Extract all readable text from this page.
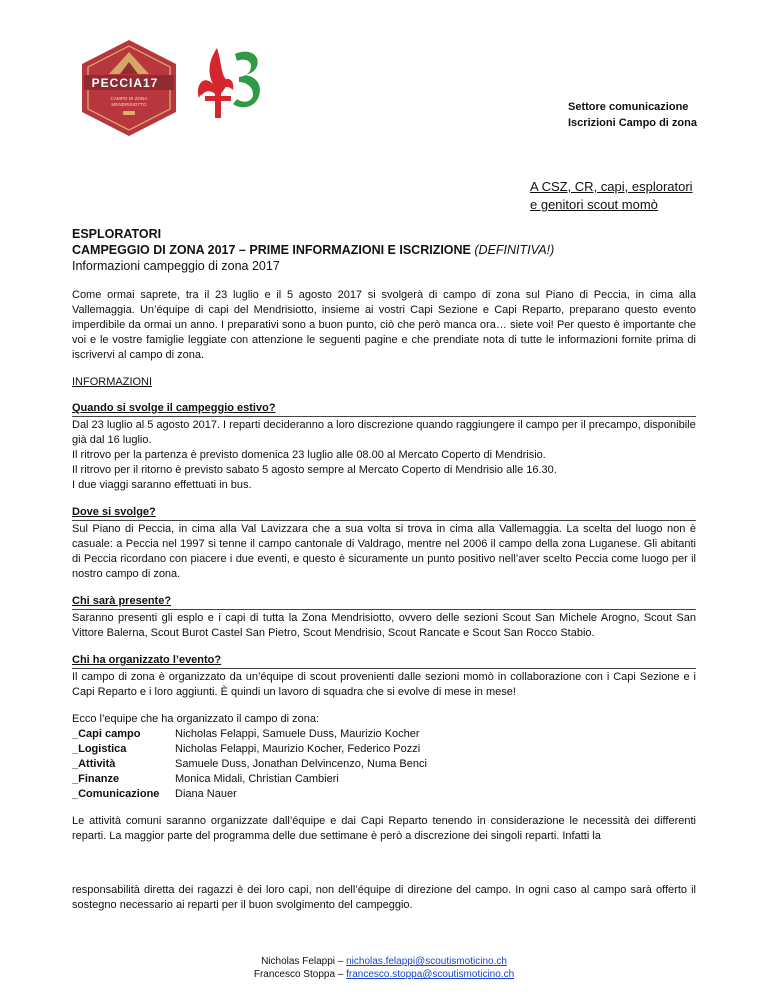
PECCIA17
CAMPO DI ZONA
MENDRISIOTTO	Settore comunicazione
Iscrizioni Campo di zona
A CSZ, CR, capi, esploratori
e genitori scout momò
ESPLORATORI
CAMPEGGIO DI ZONA 2017 – PRIME INFORMAZIONI E ISCRIZIONE (DEFINITIVA!)
Informazioni campeggio di zona 2017

Come ormai saprete, tra il 23 luglio e il 5 agosto 2017 si svolgerà di campo di zona sul Piano di Peccia, in cima alla Vallemaggia. Un’équipe di capi del Mendrisiotto, insieme ai vostri Capi Sezione e Capi Reparto, preparano questo evento imperdibile da ormai un anno. I preparativi sono a buon punto, ciò che però manca ora… siete voi! Per questo è importante che voi e le vostre famiglie leggiate con attenzione le seguenti pagine e che prendiate nota di tutte le informazioni fornite prima di iscrivervi al campo di zona.

INFORMAZIONI
Quando si svolge il campeggio estivo?
Dal 23 luglio al 5 agosto 2017. I reparti decideranno a loro discrezione quando raggiungere il campo per il precampo, disponibile già dal 16 luglio.
Il ritrovo per la partenza è previsto domenica 23 luglio alle 08.00 al Mercato Coperto di Mendrisio.
Il ritrovo per il ritorno è previsto sabato 5 agosto sempre al Mercato Coperto di Mendrisio alle 16.30.
I due viaggi saranno effettuati in bus.
Dove si svolge?
Sul Piano di Peccia, in cima alla Val Lavizzara che a sua volta si trova in cima alla Vallemaggia. La scelta del luogo non è casuale: a Peccia nel 1997 si tenne il campo cantonale di Valdrago, mentre nel 2006 il campo della zona Luganese. Gli abitanti di Peccia ricordano con piacere i due eventi, e questo è sicuramente un punto positivo nell’aver scelto Peccia come luogo per il nostro campo di zona.
Chi sarà presente?
Saranno presenti gli esplo e i capi di tutta la Zona Mendrisiotto, ovvero delle sezioni Scout San Michele Arogno, Scout San Vittore Balerna, Scout Burot Castel San Pietro, Scout Mendrisio, Scout Rancate e Scout San Rocco Stabio.
Chi ha organizzato l’evento?
Il campo di zona è organizzato da un’équipe di scout provenienti dalle sezioni momò in collaborazione con i Capi Sezione e i Capi Reparto e i loro aggiunti. È quindi un lavoro di squadra che si evolve di mese in mese!
Ecco l’equipe che ha organizzato il campo di zona:
_Capi campo	Nicholas Felappi, Samuele Duss, Maurizio Kocher
_Logistica	Nicholas Felappi, Maurizio Kocher, Federico Pozzi
_Attività	Samuele Duss, Jonathan Delvincenzo, Numa Benci
_Finanze	Monica Midali, Christian Cambieri
_Comunicazione	Diana Nauer

Le attività comuni saranno organizzate dall’équipe e dai Capi Reparto tenendo in considerazione le necessità dei differenti reparti. La maggior parte del programma delle due settimane è però a discrezione dei singoli reparti. Infatti la

responsabilità diretta dei ragazzi è dei loro capi, non dell’équipe di direzione del campo. In ogni caso al campo sarà offerto il sostegno necessario ai reparti per il buon svolgimento del campeggio.
Nicholas Felappi – nicholas.felappi@scoutismoticino.ch
Francesco Stoppa – francesco.stoppa@scoutismoticino.ch
